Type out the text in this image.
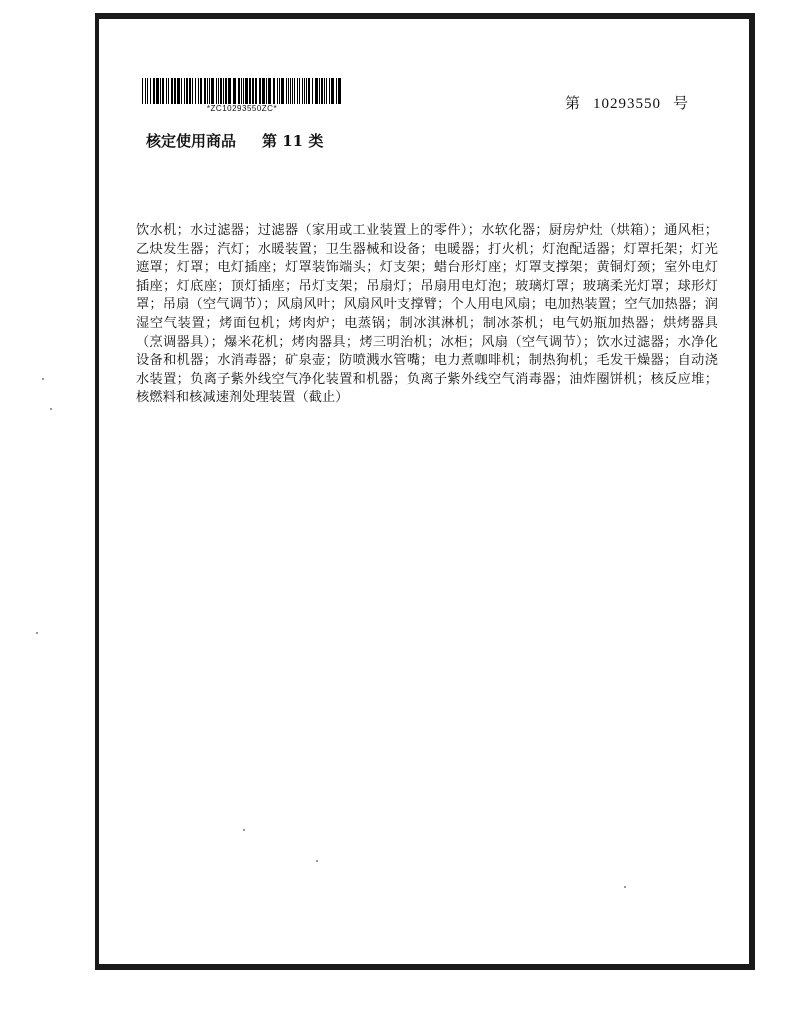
*ZC10293550ZC*	第 10293550 号
核定使用商品 第 11 类
饮水机；水过滤器；过滤器（家用或工业装置上的零件）；水软化器；厨房炉灶（烘箱）；通风柜；乙炔发生器；汽灯；水暖装置；卫生器械和设备；电暖器；打火机；灯泡配适器；灯罩托架；灯光遮罩；灯罩；电灯插座；灯罩装饰端头；灯支架；蜡台形灯座；灯罩支撑架；黄铜灯颈；室外电灯插座；灯底座；顶灯插座；吊灯支架；吊扇灯；吊扇用电灯泡；玻璃灯罩；玻璃柔光灯罩；球形灯罩；吊扇（空气调节）；风扇风叶；风扇风叶支撑臂；个人用电风扇；电加热装置；空气加热器；润湿空气装置；烤面包机；烤肉炉；电蒸锅；制冰淇淋机；制冰茶机；电气奶瓶加热器；烘烤器具（烹调器具）；爆米花机；烤肉器具；烤三明治机；冰柜；风扇（空气调节）；饮水过滤器；水净化设备和机器；水消毒器；矿泉壶；防喷溅水管嘴；电力煮咖啡机；制热狗机；毛发干燥器；自动浇水装置；负离子紫外线空气净化装置和机器；负离子紫外线空气消毒器；油炸圈饼机；核反应堆；核燃料和核减速剂处理装置（截止）
